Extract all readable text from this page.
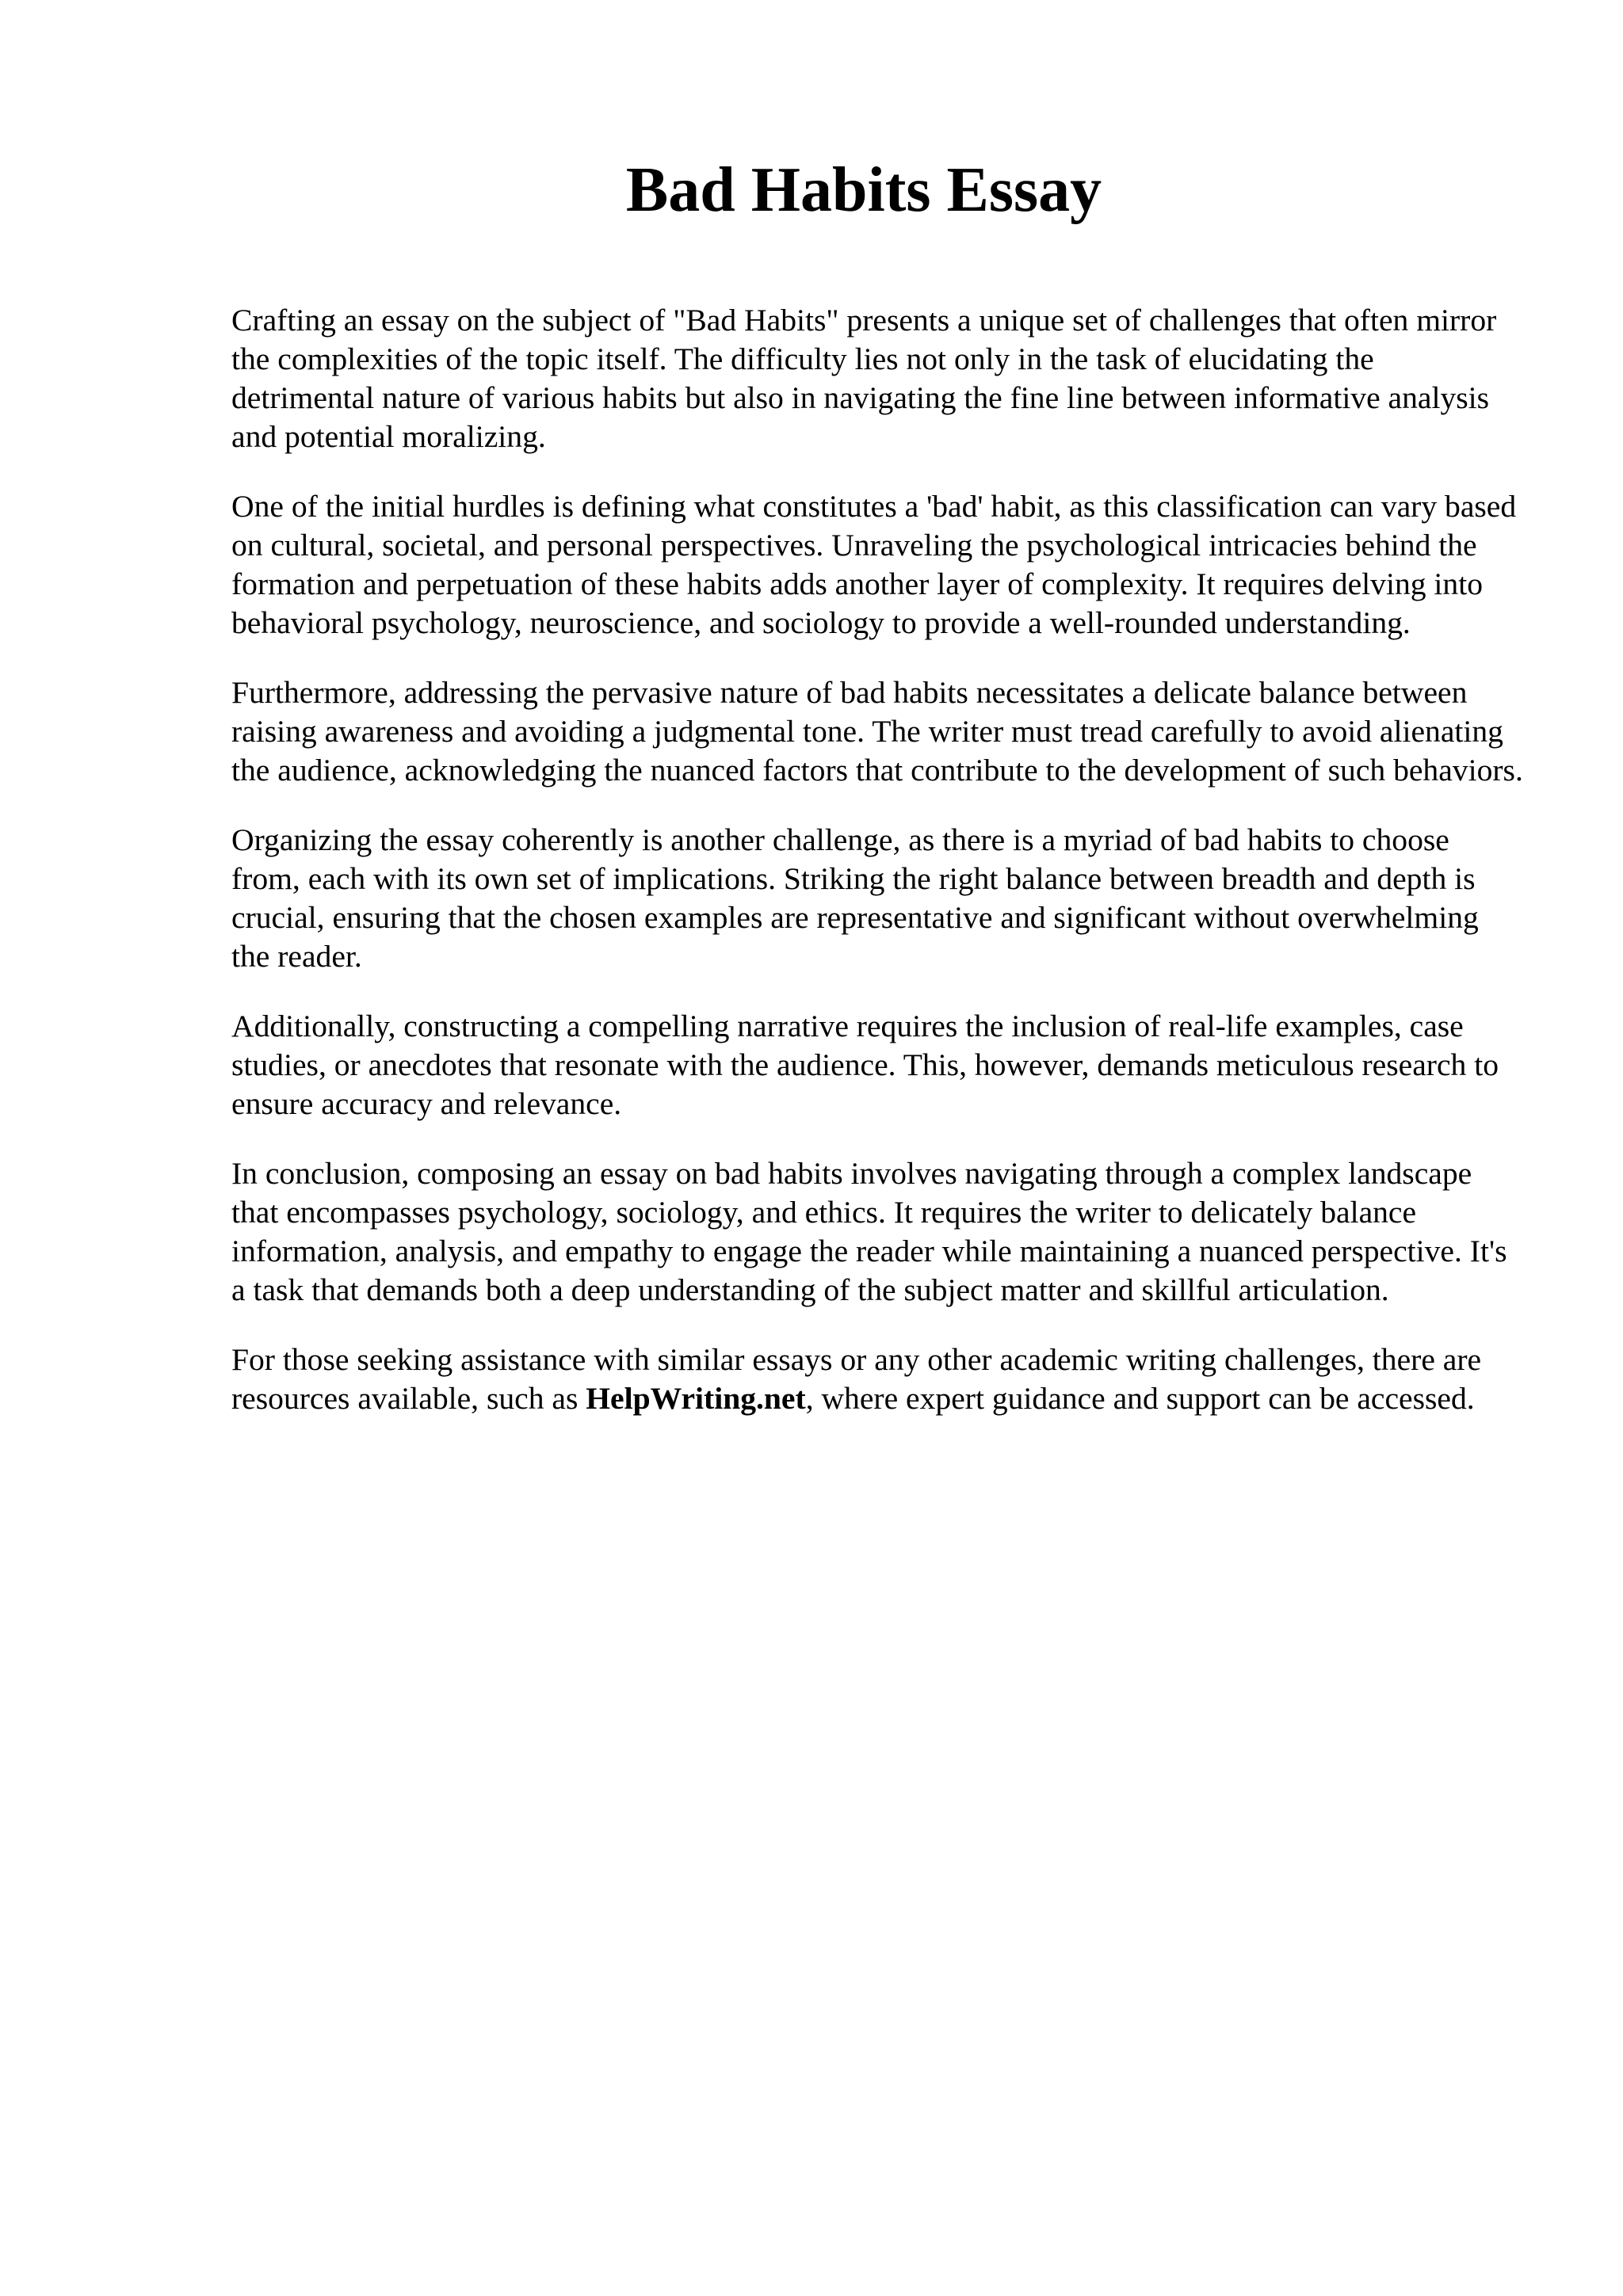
Bad Habits Essay

Crafting an essay on the subject of "Bad Habits" presents a unique set of challenges that often mirror the complexities of the topic itself. The difficulty lies not only in the task of elucidating the detrimental nature of various habits but also in navigating the fine line between informative analysis and potential moralizing.

One of the initial hurdles is defining what constitutes a 'bad' habit, as this classification can vary based on cultural, societal, and personal perspectives. Unraveling the psychological intricacies behind the formation and perpetuation of these habits adds another layer of complexity. It requires delving into behavioral psychology, neuroscience, and sociology to provide a well-rounded understanding.

Furthermore, addressing the pervasive nature of bad habits necessitates a delicate balance between raising awareness and avoiding a judgmental tone. The writer must tread carefully to avoid alienating the audience, acknowledging the nuanced factors that contribute to the development of such behaviors.

Organizing the essay coherently is another challenge, as there is a myriad of bad habits to choose from, each with its own set of implications. Striking the right balance between breadth and depth is crucial, ensuring that the chosen examples are representative and significant without overwhelming the reader.

Additionally, constructing a compelling narrative requires the inclusion of real-life examples, case studies, or anecdotes that resonate with the audience. This, however, demands meticulous research to ensure accuracy and relevance.

In conclusion, composing an essay on bad habits involves navigating through a complex landscape that encompasses psychology, sociology, and ethics. It requires the writer to delicately balance information, analysis, and empathy to engage the reader while maintaining a nuanced perspective. It's a task that demands both a deep understanding of the subject matter and skillful articulation.

For those seeking assistance with similar essays or any other academic writing challenges, there are resources available, such as HelpWriting.net, where expert guidance and support can be accessed.
